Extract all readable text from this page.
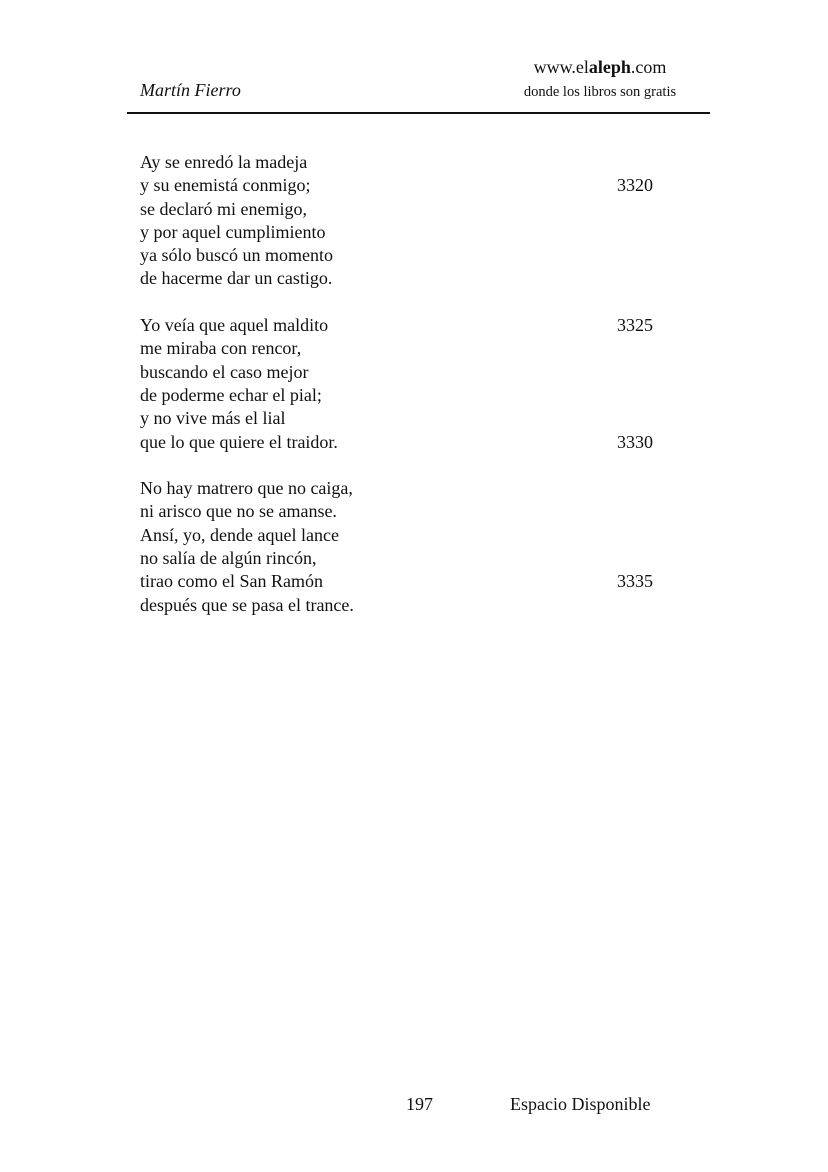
Martín Fierro
www.elaleph.com
donde los libros son gratis
Ay se enredó la madeja
y su enemistá conmigo;	3320
se declaró mi enemigo,
y por aquel cumplimiento
ya sólo buscó un momento
de hacerme dar un castigo.
Yo veía que aquel maldito	3325
me miraba con rencor,
buscando el caso mejor
de poderme echar el pial;
y no vive más el lial
que lo que quiere el traidor.	3330
No hay matrero que no caiga,
ni arisco que no se amanse.
Ansí, yo, dende aquel lance
no salía de algún rincón,
tirao como el San Ramón	3335
después que se pasa el trance.
197	Espacio Disponible
